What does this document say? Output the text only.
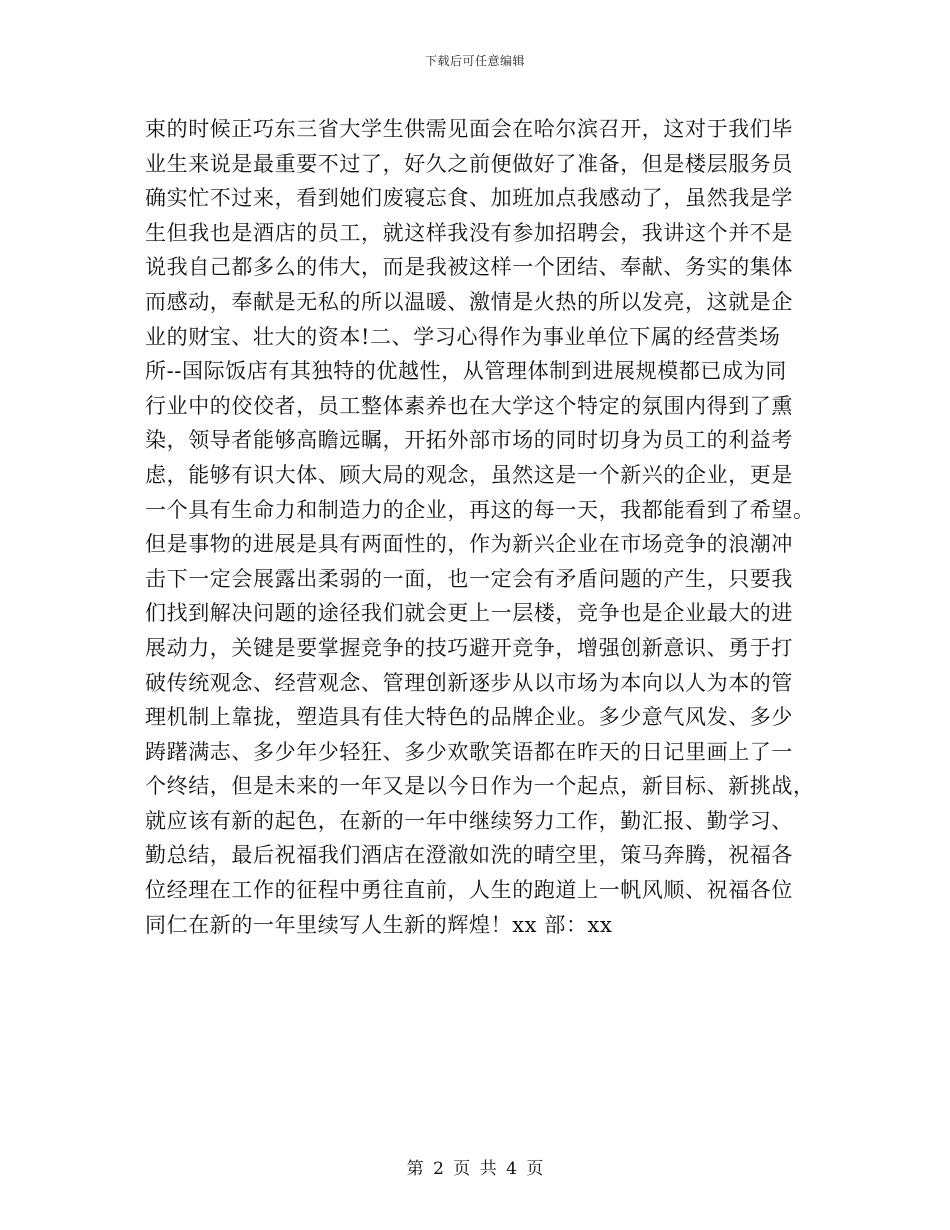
下载后可任意编辑
束的时候正巧东三省大学生供需见面会在哈尔滨召开，这对于我们毕
业生来说是最重要不过了，好久之前便做好了准备，但是楼层服务员
确实忙不过来，看到她们废寝忘食、加班加点我感动了，虽然我是学
生但我也是酒店的员工，就这样我没有参加招聘会，我讲这个并不是
说我自己都多么的伟大，而是我被这样一个团结、奉献、务实的集体
而感动，奉献是无私的所以温暖、激情是火热的所以发亮，这就是企
业的财宝、壮大的资本!二、学习心得作为事业单位下属的经营类场
所--国际饭店有其独特的优越性，从管理体制到进展规模都已成为同
行业中的佼佼者，员工整体素养也在大学这个特定的氛围内得到了熏
染，领导者能够高瞻远瞩，开拓外部市场的同时切身为员工的利益考
虑，能够有识大体、顾大局的观念，虽然这是一个新兴的企业，更是
一个具有生命力和制造力的企业，再这的每一天，我都能看到了希望。
但是事物的进展是具有两面性的，作为新兴企业在市场竞争的浪潮冲
击下一定会展露出柔弱的一面，也一定会有矛盾问题的产生，只要我
们找到解决问题的途径我们就会更上一层楼，竞争也是企业最大的进
展动力，关键是要掌握竞争的技巧避开竞争，增强创新意识、勇于打
破传统观念、经营观念、管理创新逐步从以市场为本向以人为本的管
理机制上靠拢，塑造具有佳大特色的品牌企业。多少意气风发、多少
踌躇满志、多少年少轻狂、多少欢歌笑语都在昨天的日记里画上了一
个终结，但是未来的一年又是以今日作为一个起点，新目标、新挑战，
就应该有新的起色，在新的一年中继续努力工作，勤汇报、勤学习、
勤总结，最后祝福我们酒店在澄澈如洗的晴空里，策马奔腾，祝福各
位经理在工作的征程中勇往直前，人生的跑道上一帆风顺、祝福各位
同仁在新的一年里续写人生新的辉煌！xx 部：xx
第 2 页 共 4 页
